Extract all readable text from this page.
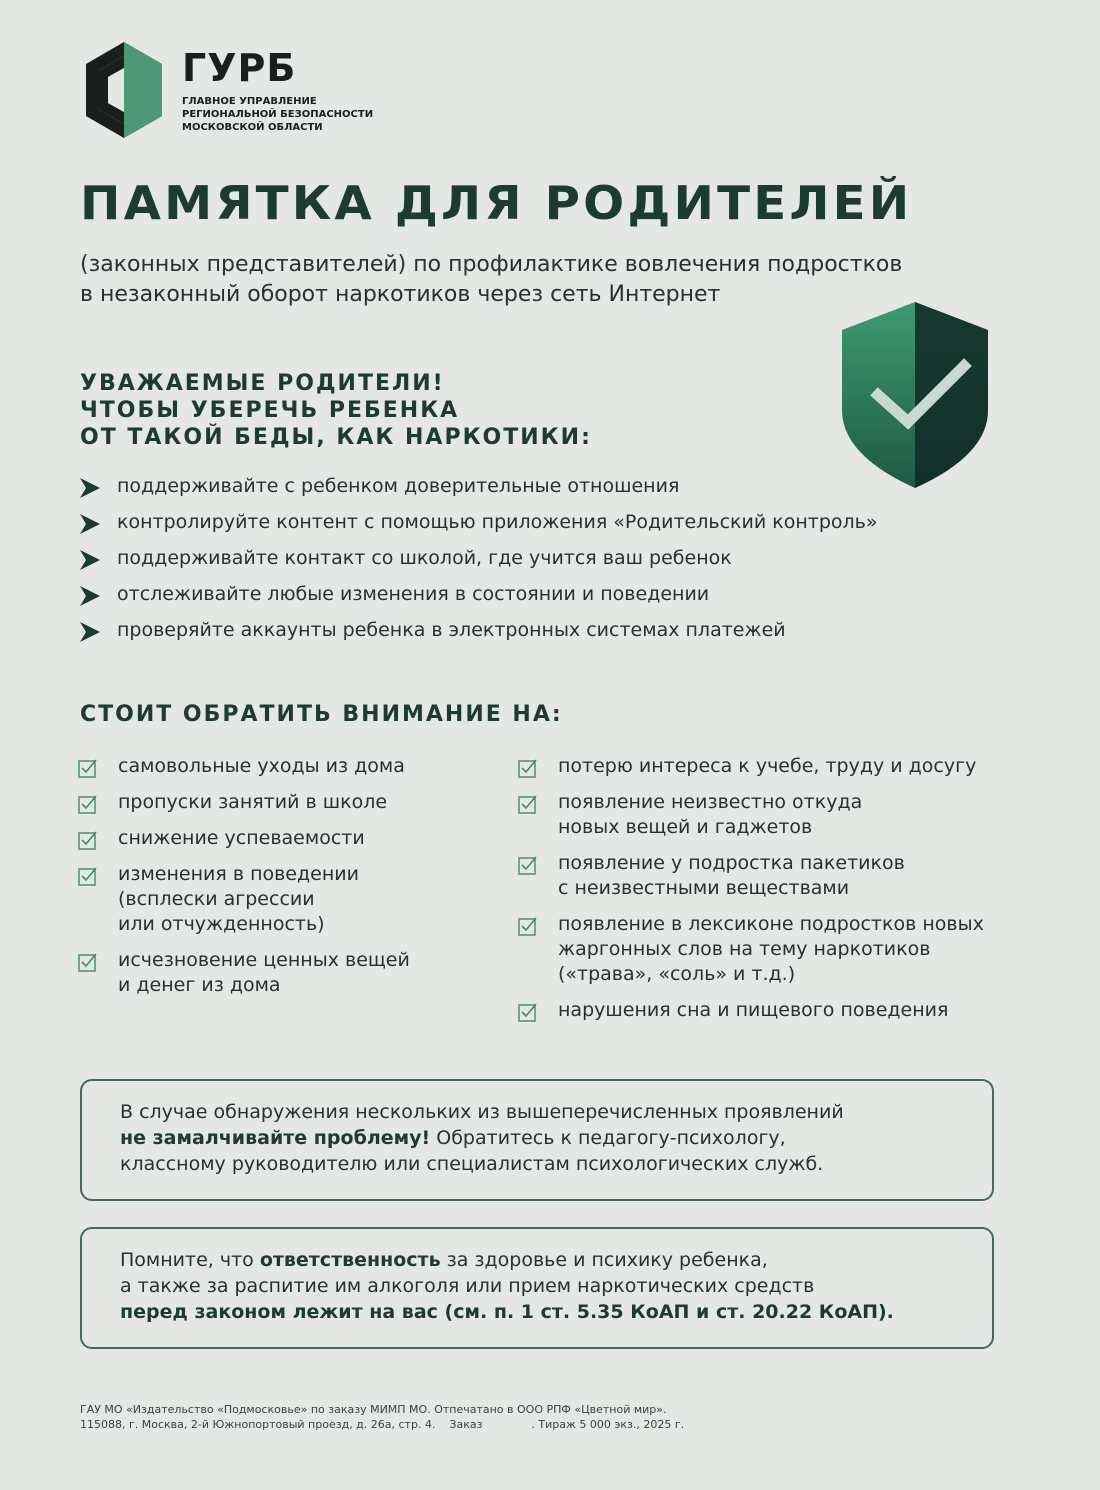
ГУРБ
ГЛАВНОЕ УПРАВЛЕНИЕ
РЕГИОНАЛЬНОЙ БЕЗОПАСНОСТИ
МОСКОВСКОЙ ОБЛАСТИ
ПАМЯТКА ДЛЯ РОДИТЕЛЕЙ
(законных представителей) по профилактике вовлечения подростков
в незаконный оборот наркотиков через сеть Интернет
УВАЖАЕМЫЕ РОДИТЕЛИ!
ЧТОБЫ УБЕРЕЧЬ РЕБЕНКА
ОТ ТАКОЙ БЕДЫ, КАК НАРКОТИКИ:
поддерживайте с ребенком доверительные отношения
контролируйте контент с помощью приложения «Родительский контроль»
поддерживайте контакт со школой, где учится ваш ребенок
отслеживайте любые изменения в состоянии и поведении
проверяйте аккаунты ребенка в электронных системах платежей
СТОИТ ОБРАТИТЬ ВНИМАНИЕ НА:
самовольные уходы из дома
пропуски занятий в школе
снижение успеваемости
изменения в поведении
(всплески агрессии
или отчужденность)
исчезновение ценных вещей
и денег из дома
потерю интереса к учебе, труду и досугу
появление неизвестно откуда
новых вещей и гаджетов
появление у подростка пакетиков
с неизвестными веществами
появление в лексиконе подростков новых
жаргонных слов на тему наркотиков
(«трава», «соль» и т.д.)
нарушения сна и пищевого поведения
В случае обнаружения нескольких из вышеперечисленных проявлений
не замалчивайте проблему! Обратитесь к педагогу-психологу,
классному руководителю или специалистам психологических служб.
Помните, что ответственность за здоровье и психику ребенка,
а также за распитие им алкоголя или прием наркотических средств
перед законом лежит на вас (см. п. 1 ст. 5.35 КоАП и ст. 20.22 КоАП).
ГАУ МО «Издательство «Подмосковье» по заказу МИМП МО. Отпечатано в ООО РПФ «Цветной мир».
115088, г. Москва, 2-й Южнопортовый проезд, д. 26а, стр. 4.    Заказ              . Тираж 5 000 экз., 2025 г.
